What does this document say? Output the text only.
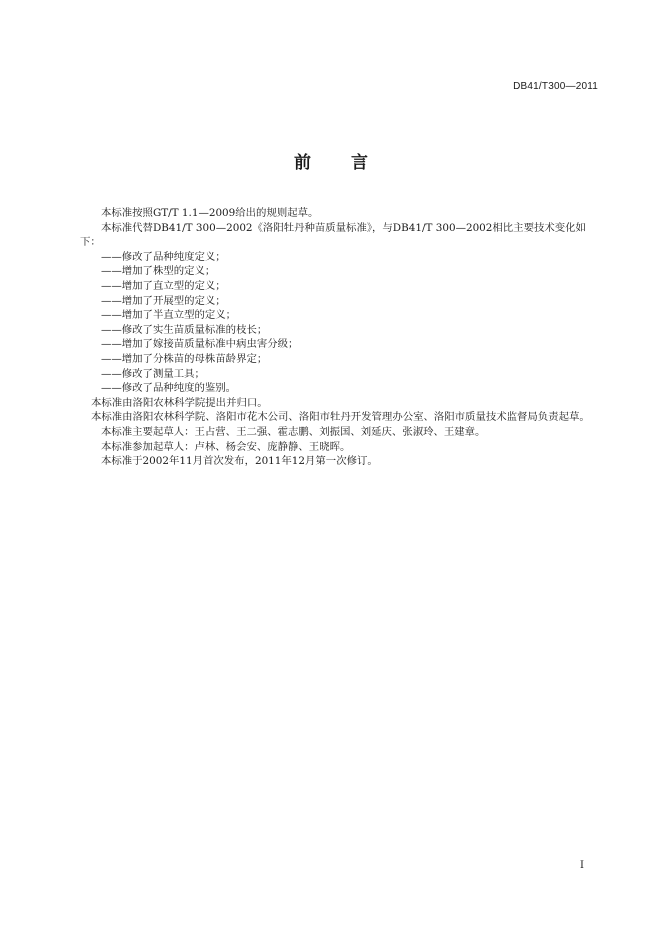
DB41/T300—2011
前 言

本标准按照GT/T 1.1—2009给出的规则起草。

本标准代替DB41/T 300—2002《洛阳牡丹种苗质量标准》，与DB41/T 300—2002相比主要技术变化如下：

——修改了品种纯度定义；

——增加了株型的定义；

——增加了直立型的定义；

——增加了开展型的定义；

——增加了半直立型的定义；

——修改了实生苗质量标准的枝长；

——增加了嫁接苗质量标准中病虫害分级；

——增加了分株苗的母株苗龄界定；

——修改了测量工具；

——修改了品种纯度的鉴别。

本标准由洛阳农林科学院提出并归口。

本标准由洛阳农林科学院、洛阳市花木公司、洛阳市牡丹开发管理办公室、洛阳市质量技术监督局负责起草。

本标准主要起草人：王占营、王二强、霍志鹏、刘振国、刘延庆、张淑玲、王建章。

本标准参加起草人：卢林、杨会安、庞静静、王晓晖。

本标准于2002年11月首次发布，2011年12月第一次修订。

I
